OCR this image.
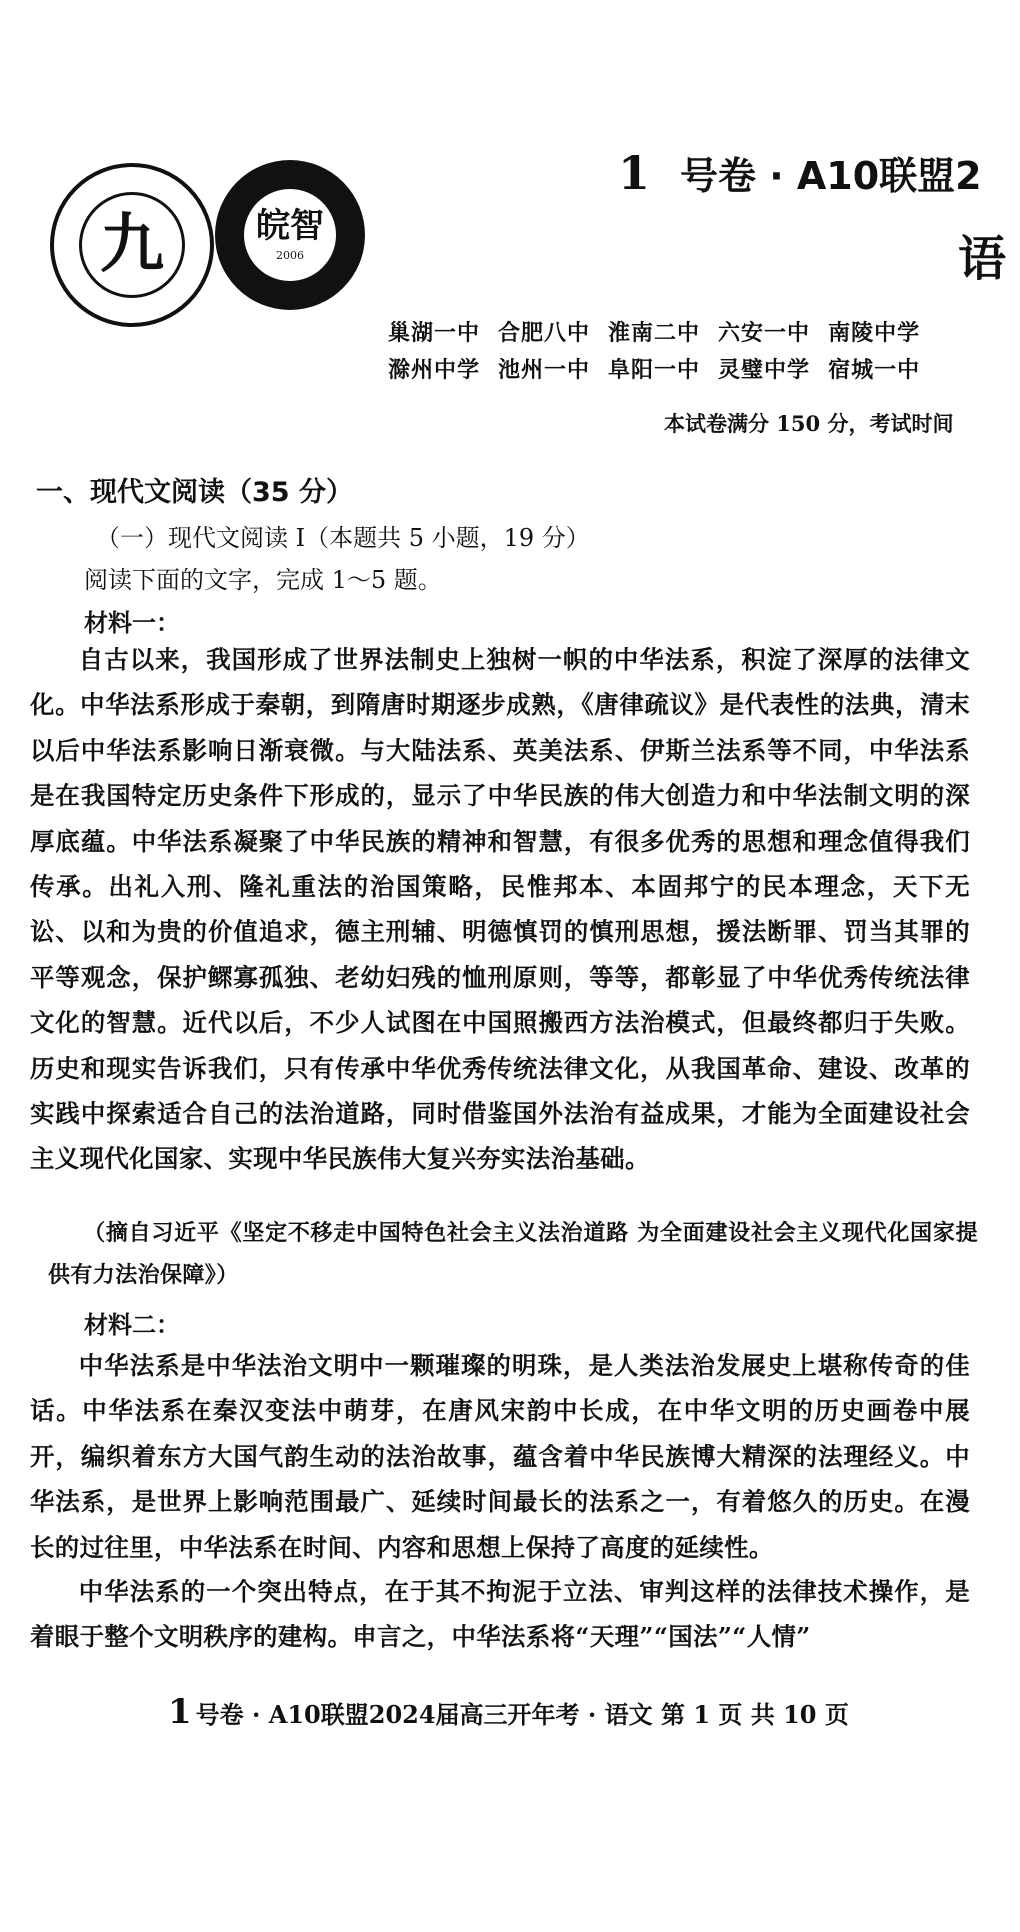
九	皖智
2006
1 号卷 · A10联盟2
语
巢湖一中 合肥八中 淮南二中 六安一中 南陵中学
滁州中学 池州一中 阜阳一中 灵璧中学 宿城一中
本试卷满分 150 分，考试时间
一、现代文阅读（35 分）
（一）现代文阅读 I（本题共 5 小题，19 分）
阅读下面的文字，完成 1～5 题。
材料一：
自古以来，我国形成了世界法制史上独树一帜的中华法系，积淀了深厚的法律文化。中华法系形成于秦朝，到隋唐时期逐步成熟，《唐律疏议》是代表性的法典，清末以后中华法系影响日渐衰微。与大陆法系、英美法系、伊斯兰法系等不同，中华法系是在我国特定历史条件下形成的，显示了中华民族的伟大创造力和中华法制文明的深厚底蕴。中华法系凝聚了中华民族的精神和智慧，有很多优秀的思想和理念值得我们传承。出礼入刑、隆礼重法的治国策略，民惟邦本、本固邦宁的民本理念，天下无讼、以和为贵的价值追求，德主刑辅、明德慎罚的慎刑思想，援法断罪、罚当其罪的平等观念，保护鳏寡孤独、老幼妇残的恤刑原则，等等，都彰显了中华优秀传统法律文化的智慧。近代以后，不少人试图在中国照搬西方法治模式，但最终都归于失败。历史和现实告诉我们，只有传承中华优秀传统法律文化，从我国革命、建设、改革的实践中探索适合自己的法治道路，同时借鉴国外法治有益成果，才能为全面建设社会主义现代化国家、实现中华民族伟大复兴夯实法治基础。
（摘自习近平《坚定不移走中国特色社会主义法治道路 为全面建设社会主义现代化国家提供有力法治保障》）
材料二：
中华法系是中华法治文明中一颗璀璨的明珠，是人类法治发展史上堪称传奇的佳话。中华法系在秦汉变法中萌芽，在唐风宋韵中长成，在中华文明的历史画卷中展开，编织着东方大国气韵生动的法治故事，蕴含着中华民族博大精深的法理经义。中华法系，是世界上影响范围最广、延续时间最长的法系之一，有着悠久的历史。在漫长的过往里，中华法系在时间、内容和思想上保持了高度的延续性。
中华法系的一个突出特点，在于其不拘泥于立法、审判这样的法律技术操作，是着眼于整个文明秩序的建构。申言之，中华法系将“天理”“国法”“人情”
1 号卷 · A10联盟2024届高三开年考 · 语文 第 1 页 共 10 页
